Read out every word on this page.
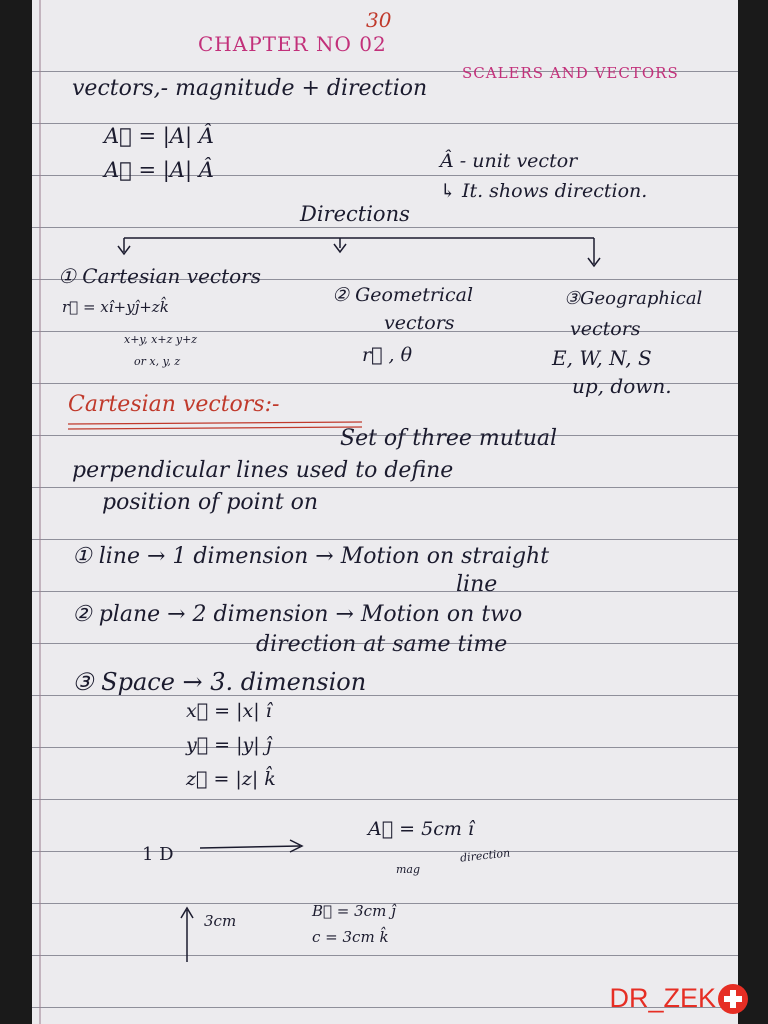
30
CHAPTER NO 02
SCALERS AND VECTORS
vectors,- magnitude + direction
A⃗ = |A| Â
A⃗ = |A| Â	Â - unit vector
↳ It. shows direction.
Directions
① Cartesian vectors
r⃗ = xî+yĵ+zk̂
x+y, x+z y+z
or x, y, z
② Geometrical
vectors
r⃗ , θ
③Geographical
vectors
E, W, N, S
up, down.
Cartesian vectors:-
Set of three mutual
perpendicular lines used to define
position of point on
① line → 1 dimension → Motion on straight
line
② plane → 2 dimension → Motion on two
direction at same time
③ Space → 3. dimension
x⃗ = |x| î
y⃗ = |y| ĵ
z⃗ = |z| k̂
1 D
A⃗ = 5cm î
mag
direction
3cm
B⃗ = 3cm ĵ
c = 3cm k̂
DR_ZEK
